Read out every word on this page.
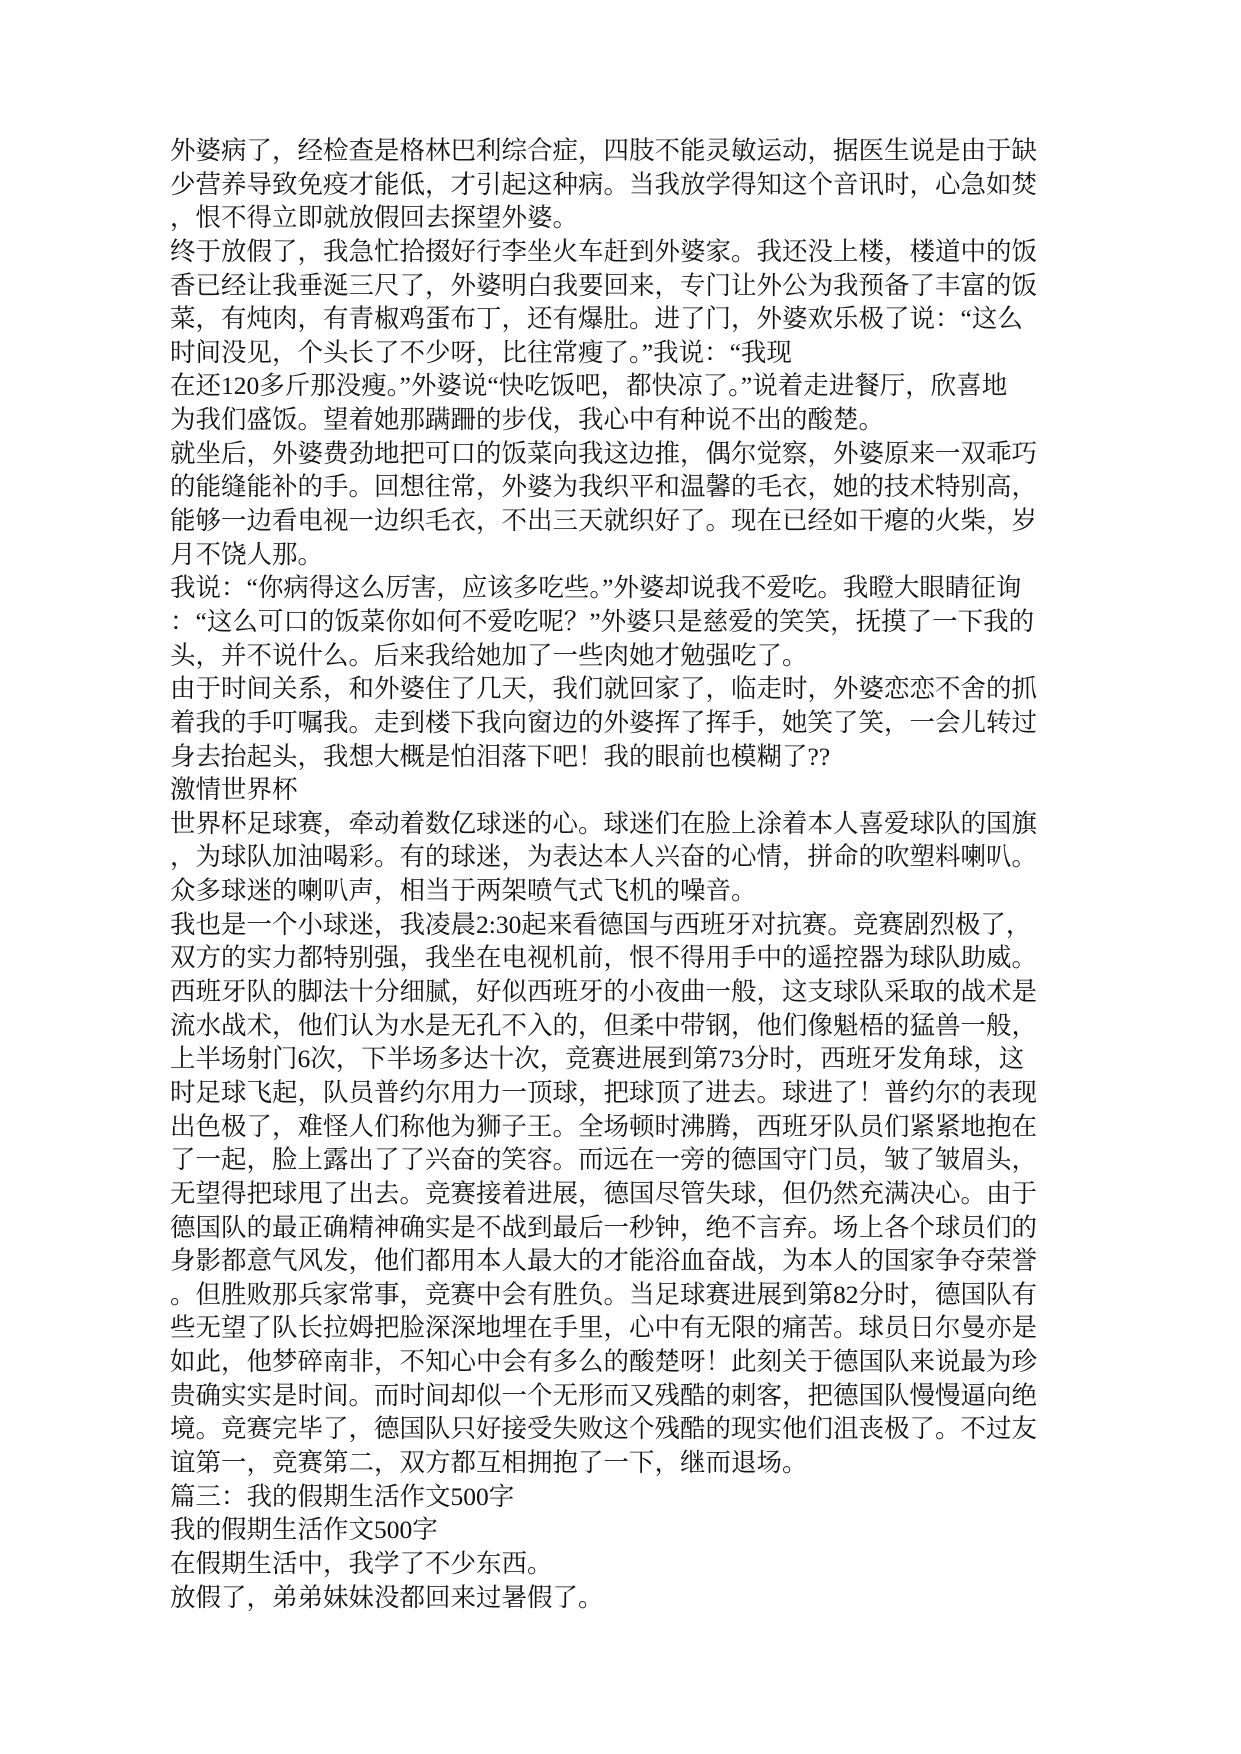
外婆病了，经检查是格林巴利综合症，四肢不能灵敏运动，据医生说是由于缺
少营养导致免疫才能低，才引起这种病。当我放学得知这个音讯时，心急如焚
，恨不得立即就放假回去探望外婆。
终于放假了，我急忙拾掇好行李坐火车赶到外婆家。我还没上楼，楼道中的饭
香已经让我垂涎三尺了，外婆明白我要回来，专门让外公为我预备了丰富的饭
菜，有炖肉，有青椒鸡蛋布丁，还有爆肚。进了门，外婆欢乐极了说：“这么
时间没见，个头长了不少呀，比往常瘦了。”我说：“我现
在还120多斤那没瘦。”外婆说“快吃饭吧，都快凉了。”说着走进餐厅，欣喜地
为我们盛饭。望着她那蹒跚的步伐，我心中有种说不出的酸楚。
就坐后，外婆费劲地把可口的饭菜向我这边推，偶尔觉察，外婆原来一双乖巧
的能缝能补的手。回想往常，外婆为我织平和温馨的毛衣，她的技术特别高，
能够一边看电视一边织毛衣，不出三天就织好了。现在已经如干瘪的火柴，岁
月不饶人那。
我说：“你病得这么厉害，应该多吃些。”外婆却说我不爱吃。我瞪大眼睛征询
：“这么可口的饭菜你如何不爱吃呢？”外婆只是慈爱的笑笑，抚摸了一下我的
头，并不说什么。后来我给她加了一些肉她才勉强吃了。
由于时间关系，和外婆住了几天，我们就回家了，临走时，外婆恋恋不舍的抓
着我的手叮嘱我。走到楼下我向窗边的外婆挥了挥手，她笑了笑，一会儿转过
身去抬起头，我想大概是怕泪落下吧！我的眼前也模糊了??
激情世界杯
世界杯足球赛，牵动着数亿球迷的心。球迷们在脸上涂着本人喜爱球队的国旗
，为球队加油喝彩。有的球迷，为表达本人兴奋的心情，拼命的吹塑料喇叭。
众多球迷的喇叭声，相当于两架喷气式飞机的噪音。
我也是一个小球迷，我凌晨2:30起来看德国与西班牙对抗赛。竞赛剧烈极了，
双方的实力都特别强，我坐在电视机前，恨不得用手中的遥控器为球队助威。
西班牙队的脚法十分细腻，好似西班牙的小夜曲一般，这支球队采取的战术是
流水战术，他们认为水是无孔不入的，但柔中带钢，他们像魁梧的猛兽一般，
上半场射门6次，下半场多达十次，竞赛进展到第73分时，西班牙发角球，这
时足球飞起，队员普约尔用力一顶球，把球顶了进去。球进了！普约尔的表现
出色极了，难怪人们称他为狮子王。全场顿时沸腾，西班牙队员们紧紧地抱在
了一起，脸上露出了了兴奋的笑容。而远在一旁的德国守门员，皱了皱眉头，
无望得把球甩了出去。竞赛接着进展，德国尽管失球，但仍然充满决心。由于
德国队的最正确精神确实是不战到最后一秒钟，绝不言弃。场上各个球员们的
身影都意气风发，他们都用本人最大的才能浴血奋战，为本人的国家争夺荣誉
。但胜败那兵家常事，竞赛中会有胜负。当足球赛进展到第82分时，德国队有
些无望了队长拉姆把脸深深地埋在手里，心中有无限的痛苦。球员日尔曼亦是
如此，他梦碎南非，不知心中会有多么的酸楚呀！此刻关于德国队来说最为珍
贵确实实是时间。而时间却似一个无形而又残酷的刺客，把德国队慢慢逼向绝
境。竞赛完毕了，德国队只好接受失败这个残酷的现实他们沮丧极了。不过友
谊第一，竞赛第二，双方都互相拥抱了一下，继而退场。
篇三：我的假期生活作文500字
我的假期生活作文500字
在假期生活中，我学了不少东西。
放假了，弟弟妹妹没都回来过暑假了。
